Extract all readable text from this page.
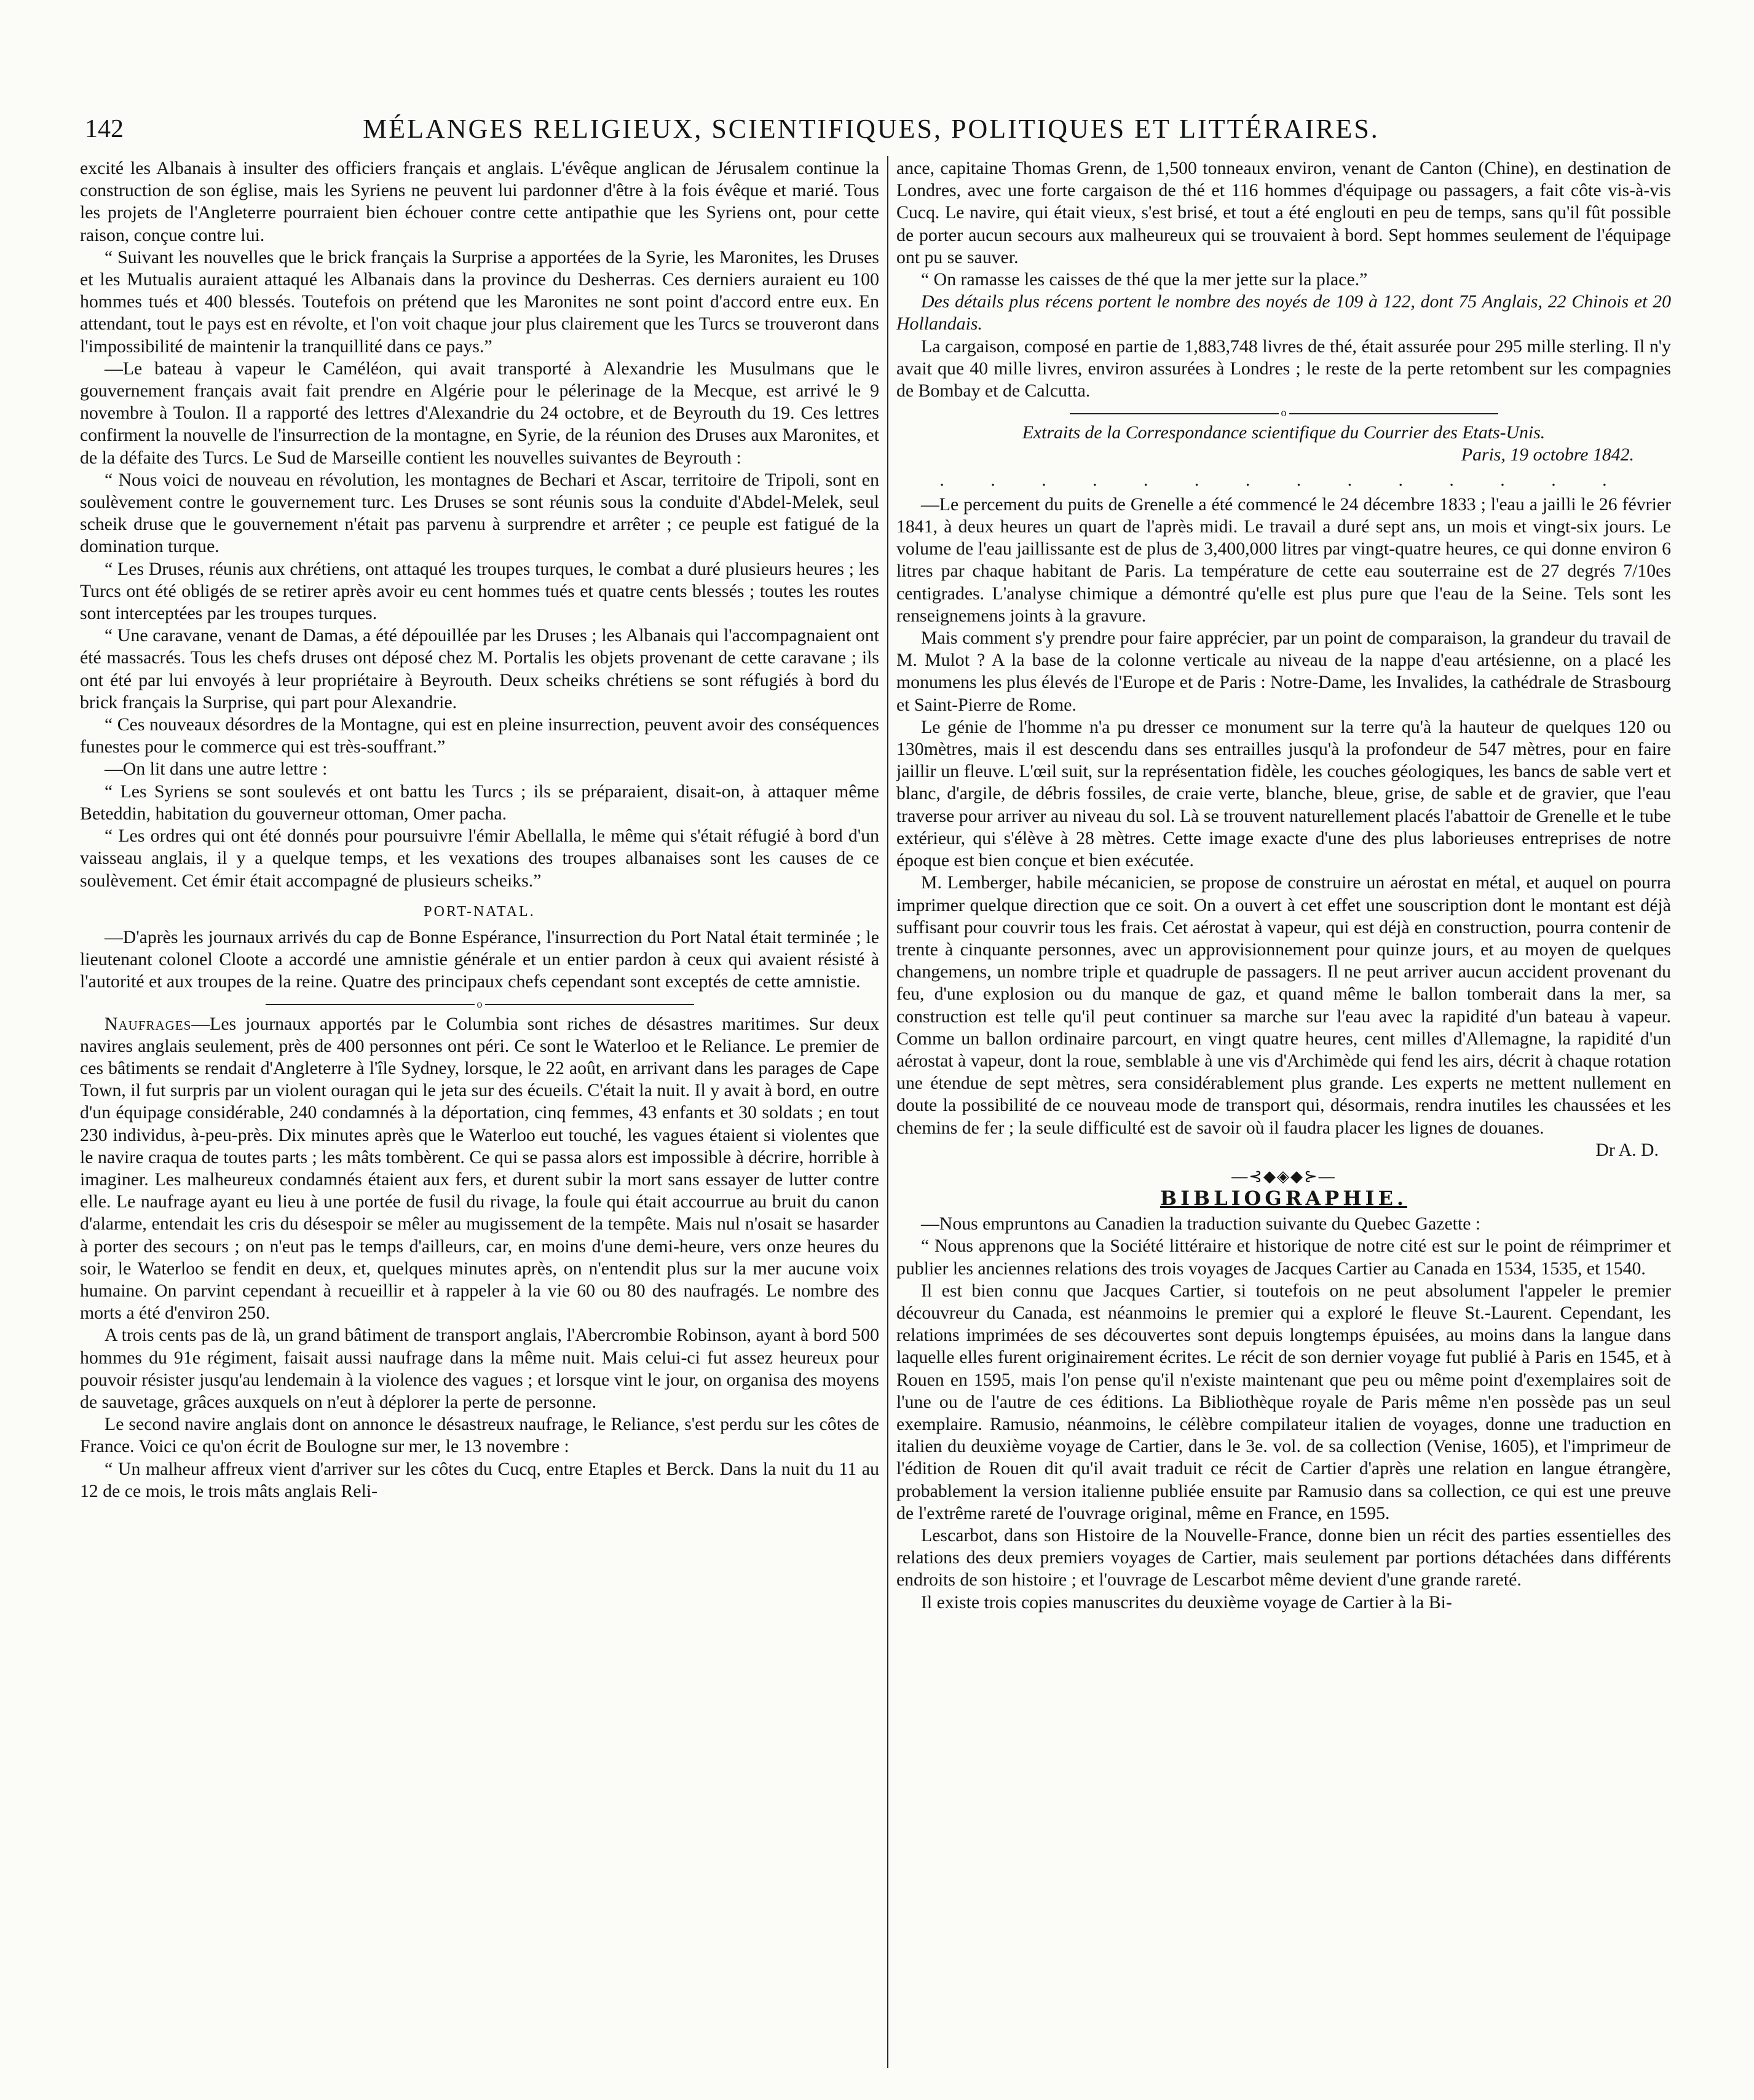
142	MÉLANGES RELIGIEUX, SCIENTIFIQUES, POLITIQUES ET LITTÉRAIRES.

excité les Albanais à insulter des officiers français et anglais. L'évêque anglican de Jérusalem continue la construction de son église, mais les Syriens ne peuvent lui pardonner d'être à la fois évêque et marié. Tous les projets de l'Angleterre pourraient bien échouer contre cette antipathie que les Syriens ont, pour cette raison, conçue contre lui.

“ Suivant les nouvelles que le brick français la Surprise a apportées de la Syrie, les Maronites, les Druses et les Mutualis auraient attaqué les Albanais dans la province du Desherras. Ces derniers auraient eu 100 hommes tués et 400 blessés. Toutefois on prétend que les Maronites ne sont point d'accord entre eux. En attendant, tout le pays est en révolte, et l'on voit chaque jour plus clairement que les Turcs se trouveront dans l'impossibilité de maintenir la tranquillité dans ce pays.”

—Le bateau à vapeur le Caméléon, qui avait transporté à Alexandrie les Musulmans que le gouvernement français avait fait prendre en Algérie pour le pélerinage de la Mecque, est arrivé le 9 novembre à Toulon. Il a rapporté des lettres d'Alexandrie du 24 octobre, et de Beyrouth du 19. Ces lettres confirment la nouvelle de l'insurrection de la montagne, en Syrie, de la réunion des Druses aux Maronites, et de la défaite des Turcs. Le Sud de Marseille contient les nouvelles suivantes de Beyrouth :

“ Nous voici de nouveau en révolution, les montagnes de Bechari et Ascar, territoire de Tripoli, sont en soulèvement contre le gouvernement turc. Les Druses se sont réunis sous la conduite d'Abdel-Melek, seul scheik druse que le gouvernement n'était pas parvenu à surprendre et arrêter ; ce peuple est fatigué de la domination turque.

“ Les Druses, réunis aux chrétiens, ont attaqué les troupes turques, le combat a duré plusieurs heures ; les Turcs ont été obligés de se retirer après avoir eu cent hommes tués et quatre cents blessés ; toutes les routes sont interceptées par les troupes turques.

“ Une caravane, venant de Damas, a été dépouillée par les Druses ; les Albanais qui l'accompagnaient ont été massacrés. Tous les chefs druses ont déposé chez M. Portalis les objets provenant de cette caravane ; ils ont été par lui envoyés à leur propriétaire à Beyrouth. Deux scheiks chrétiens se sont réfugiés à bord du brick français la Surprise, qui part pour Alexandrie.

“ Ces nouveaux désordres de la Montagne, qui est en pleine insurrection, peuvent avoir des conséquences funestes pour le commerce qui est très-souffrant.”

—On lit dans une autre lettre :

“ Les Syriens se sont soulevés et ont battu les Turcs ; ils se préparaient, disait-on, à attaquer même Beteddin, habitation du gouverneur ottoman, Omer pacha.

“ Les ordres qui ont été donnés pour poursuivre l'émir Abellalla, le même qui s'était réfugié à bord d'un vaisseau anglais, il y a quelque temps, et les vexations des troupes albanaises sont les causes de ce soulèvement. Cet émir était accompagné de plusieurs scheiks.”

PORT-NATAL.

—D'après les journaux arrivés du cap de Bonne Espérance, l'insurrection du Port Natal était terminée ; le lieutenant colonel Cloote a accordé une amnistie générale et un entier pardon à ceux qui avaient résisté à l'autorité et aux troupes de la reine. Quatre des principaux chefs cependant sont exceptés de cette amnistie.

o

Naufrages—Les journaux apportés par le Columbia sont riches de désastres maritimes. Sur deux navires anglais seulement, près de 400 personnes ont péri. Ce sont le Waterloo et le Reliance. Le premier de ces bâtiments se rendait d'Angleterre à l'île Sydney, lorsque, le 22 août, en arrivant dans les parages de Cape Town, il fut surpris par un violent ouragan qui le jeta sur des écueils. C'était la nuit. Il y avait à bord, en outre d'un équipage considérable, 240 condamnés à la déportation, cinq femmes, 43 enfants et 30 soldats ; en tout 230 individus, à-peu-près. Dix minutes après que le Waterloo eut touché, les vagues étaient si violentes que le navire craqua de toutes parts ; les mâts tombèrent. Ce qui se passa alors est impossible à décrire, horrible à imaginer. Les malheureux condamnés étaient aux fers, et durent subir la mort sans essayer de lutter contre elle. Le naufrage ayant eu lieu à une portée de fusil du rivage, la foule qui était accourrue au bruit du canon d'alarme, entendait les cris du désespoir se mêler au mugissement de la tempête. Mais nul n'osait se hasarder à porter des secours ; on n'eut pas le temps d'ailleurs, car, en moins d'une demi-heure, vers onze heures du soir, le Waterloo se fendit en deux, et, quelques minutes après, on n'entendit plus sur la mer aucune voix humaine. On parvint cependant à recueillir et à rappeler à la vie 60 ou 80 des naufragés. Le nombre des morts a été d'environ 250.

A trois cents pas de là, un grand bâtiment de transport anglais, l'Abercrombie Robinson, ayant à bord 500 hommes du 91e régiment, faisait aussi naufrage dans la même nuit. Mais celui-ci fut assez heureux pour pouvoir résister jusqu'au lendemain à la violence des vagues ; et lorsque vint le jour, on organisa des moyens de sauvetage, grâces auxquels on n'eut à déplorer la perte de personne.

Le second navire anglais dont on annonce le désastreux naufrage, le Reliance, s'est perdu sur les côtes de France. Voici ce qu'on écrit de Boulogne sur mer, le 13 novembre :

“ Un malheur affreux vient d'arriver sur les côtes du Cucq, entre Etaples et Berck. Dans la nuit du 11 au 12 de ce mois, le trois mâts anglais Reli-

ance, capitaine Thomas Grenn, de 1,500 tonneaux environ, venant de Canton (Chine), en destination de Londres, avec une forte cargaison de thé et 116 hommes d'équipage ou passagers, a fait côte vis-à-vis Cucq. Le navire, qui était vieux, s'est brisé, et tout a été englouti en peu de temps, sans qu'il fût possible de porter aucun secours aux malheureux qui se trouvaient à bord. Sept hommes seulement de l'équipage ont pu se sauver.

“ On ramasse les caisses de thé que la mer jette sur la place.”

Des détails plus récens portent le nombre des noyés de 109 à 122, dont 75 Anglais, 22 Chinois et 20 Hollandais.

La cargaison, composé en partie de 1,883,748 livres de thé, était assurée pour 295 mille sterling. Il n'y avait que 40 mille livres, environ assurées à Londres ; le reste de la perte retombent sur les compagnies de Bombay et de Calcutta.

o

Extraits de la Correspondance scientifique du Courrier des Etats-Unis.

Paris, 19 octobre 1842.

. . . . . . . . . . . . . .

—Le percement du puits de Grenelle a été commencé le 24 décembre 1833 ; l'eau a jailli le 26 février 1841, à deux heures un quart de l'après midi. Le travail a duré sept ans, un mois et vingt-six jours. Le volume de l'eau jaillissante est de plus de 3,400,000 litres par vingt-quatre heures, ce qui donne environ 6 litres par chaque habitant de Paris. La température de cette eau souterraine est de 27 degrés 7/10es centigrades. L'analyse chimique a démontré qu'elle est plus pure que l'eau de la Seine. Tels sont les renseignemens joints à la gravure.

Mais comment s'y prendre pour faire apprécier, par un point de comparaison, la grandeur du travail de M. Mulot ? A la base de la colonne verticale au niveau de la nappe d'eau artésienne, on a placé les monumens les plus élevés de l'Europe et de Paris : Notre-Dame, les Invalides, la cathédrale de Strasbourg et Saint-Pierre de Rome.

Le génie de l'homme n'a pu dresser ce monument sur la terre qu'à la hauteur de quelques 120 ou 130mètres, mais il est descendu dans ses entrailles jusqu'à la profondeur de 547 mètres, pour en faire jaillir un fleuve. L'œil suit, sur la représentation fidèle, les couches géologiques, les bancs de sable vert et blanc, d'argile, de débris fossiles, de craie verte, blanche, bleue, grise, de sable et de gravier, que l'eau traverse pour arriver au niveau du sol. Là se trouvent naturellement placés l'abattoir de Grenelle et le tube extérieur, qui s'élève à 28 mètres. Cette image exacte d'une des plus laborieuses entreprises de notre époque est bien conçue et bien exécutée.

M. Lemberger, habile mécanicien, se propose de construire un aérostat en métal, et auquel on pourra imprimer quelque direction que ce soit. On a ouvert à cet effet une souscription dont le montant est déjà suffisant pour couvrir tous les frais. Cet aérostat à vapeur, qui est déjà en construction, pourra contenir de trente à cinquante personnes, avec un approvisionnement pour quinze jours, et au moyen de quelques changemens, un nombre triple et quadruple de passagers. Il ne peut arriver aucun accident provenant du feu, d'une explosion ou du manque de gaz, et quand même le ballon tomberait dans la mer, sa construction est telle qu'il peut continuer sa marche sur l'eau avec la rapidité d'un bateau à vapeur. Comme un ballon ordinaire parcourt, en vingt quatre heures, cent milles d'Allemagne, la rapidité d'un aérostat à vapeur, dont la roue, semblable à une vis d'Archimède qui fend les airs, décrit à chaque rotation une étendue de sept mètres, sera considérablement plus grande. Les experts ne mettent nullement en doute la possibilité de ce nouveau mode de transport qui, désormais, rendra inutiles les chaussées et les chemins de fer ; la seule difficulté est de savoir où il faudra placer les lignes de douanes.

Dr A. D.

—⊰◆◈◆⊱—
BIBLIOGRAPHIE.

—Nous empruntons au Canadien la traduction suivante du Quebec Gazette :

“ Nous apprenons que la Société littéraire et historique de notre cité est sur le point de réimprimer et publier les anciennes relations des trois voyages de Jacques Cartier au Canada en 1534, 1535, et 1540.

Il est bien connu que Jacques Cartier, si toutefois on ne peut absolument l'appeler le premier découvreur du Canada, est néanmoins le premier qui a exploré le fleuve St.-Laurent. Cependant, les relations imprimées de ses découvertes sont depuis longtemps épuisées, au moins dans la langue dans laquelle elles furent originairement écrites. Le récit de son dernier voyage fut publié à Paris en 1545, et à Rouen en 1595, mais l'on pense qu'il n'existe maintenant que peu ou même point d'exemplaires soit de l'une ou de l'autre de ces éditions. La Bibliothèque royale de Paris même n'en possède pas un seul exemplaire. Ramusio, néanmoins, le célèbre compilateur italien de voyages, donne une traduction en italien du deuxième voyage de Cartier, dans le 3e. vol. de sa collection (Venise, 1605), et l'imprimeur de l'édition de Rouen dit qu'il avait traduit ce récit de Cartier d'après une relation en langue étrangère, probablement la version italienne publiée ensuite par Ramusio dans sa collection, ce qui est une preuve de l'extrême rareté de l'ouvrage original, même en France, en 1595.

Lescarbot, dans son Histoire de la Nouvelle-France, donne bien un récit des parties essentielles des relations des deux premiers voyages de Cartier, mais seulement par portions détachées dans différents endroits de son histoire ; et l'ouvrage de Lescarbot même devient d'une grande rareté.

Il existe trois copies manuscrites du deuxième voyage de Cartier à la Bi-
